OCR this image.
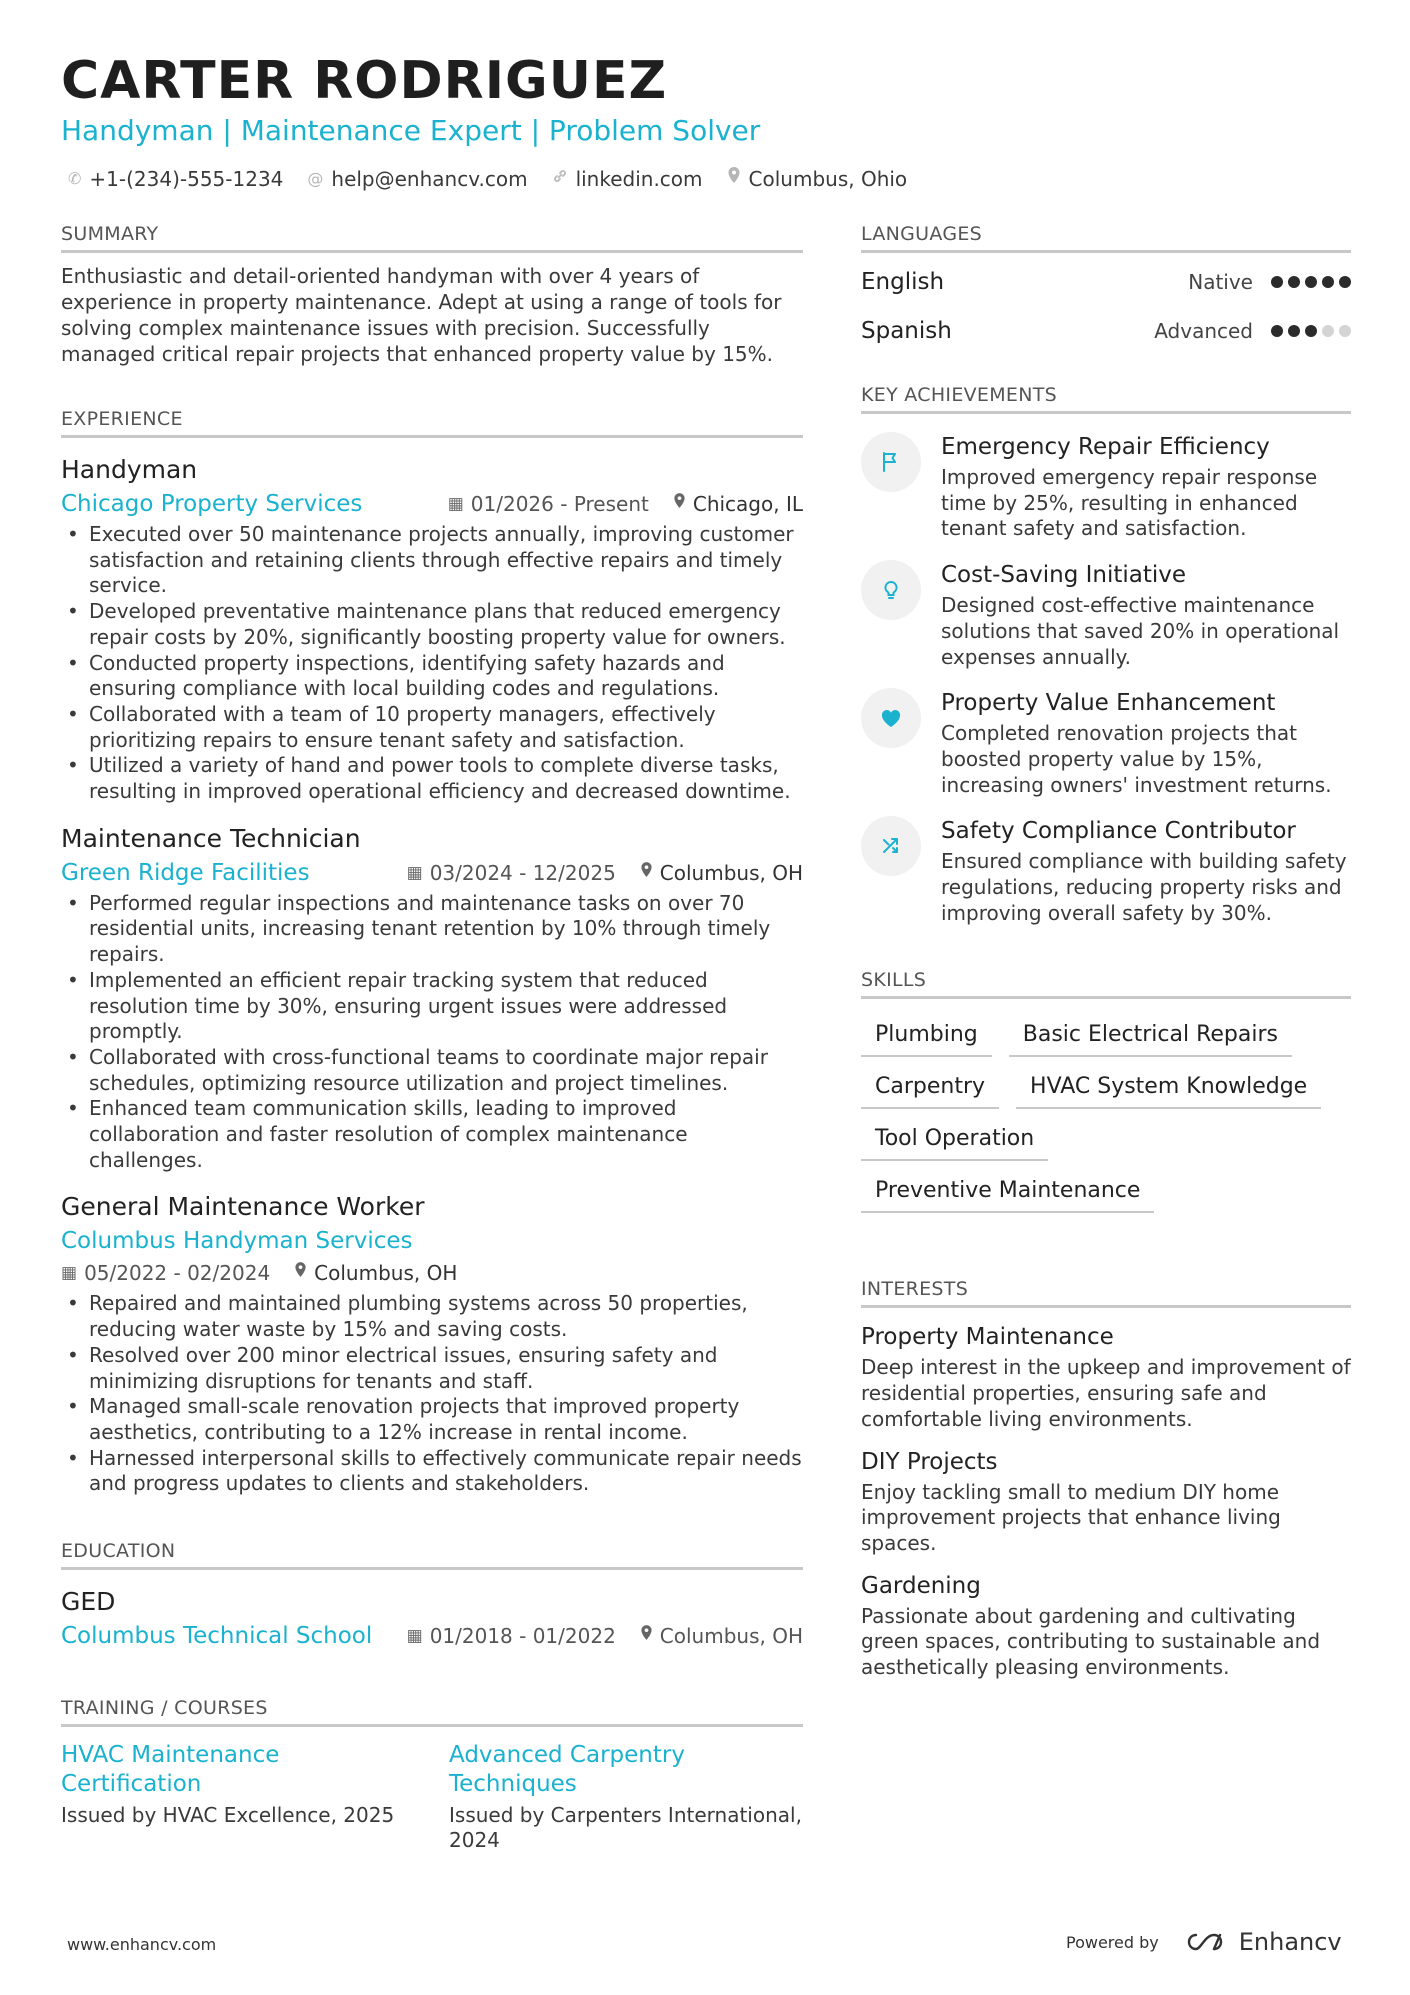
CARTER RODRIGUEZ
Handyman | Maintenance Expert | Problem Solver
✆ +1-(234)-555-1234 @ help@enhancv.com linkedin.com Columbus, Ohio
SUMMARY

Enthusiastic and detail-oriented handyman with over 4 years of experience in property maintenance. Adept at using a range of tools for solving complex maintenance issues with precision. Successfully managed critical repair projects that enhanced property value by 15%.

EXPERIENCE
Handyman
Chicago Property Services	▦ 01/2026 - Present Chicago, IL
• Executed over 50 maintenance projects annually, improving customer satisfaction and retaining clients through effective repairs and timely service.
• Developed preventative maintenance plans that reduced emergency repair costs by 20%, significantly boosting property value for owners.
• Conducted property inspections, identifying safety hazards and ensuring compliance with local building codes and regulations.
• Collaborated with a team of 10 property managers, effectively prioritizing repairs to ensure tenant safety and satisfaction.
• Utilized a variety of hand and power tools to complete diverse tasks, resulting in improved operational efficiency and decreased downtime.
Maintenance Technician
Green Ridge Facilities	▦ 03/2024 - 12/2025 Columbus, OH
• Performed regular inspections and maintenance tasks on over 70 residential units, increasing tenant retention by 10% through timely repairs.
• Implemented an efficient repair tracking system that reduced resolution time by 30%, ensuring urgent issues were addressed promptly.
• Collaborated with cross-functional teams to coordinate major repair schedules, optimizing resource utilization and project timelines.
• Enhanced team communication skills, leading to improved collaboration and faster resolution of complex maintenance challenges.
General Maintenance Worker
Columbus Handyman Services
▦ 05/2022 - 02/2024 Columbus, OH
• Repaired and maintained plumbing systems across 50 properties, reducing water waste by 15% and saving costs.
• Resolved over 200 minor electrical issues, ensuring safety and minimizing disruptions for tenants and staff.
• Managed small-scale renovation projects that improved property aesthetics, contributing to a 12% increase in rental income.
• Harnessed interpersonal skills to effectively communicate repair needs and progress updates to clients and stakeholders.
EDUCATION
GED
Columbus Technical School ▦ 01/2018 - 01/2022 Columbus, OH
TRAINING / COURSES
HVAC Maintenance Certification
Issued by HVAC Excellence, 2025
Advanced Carpentry Techniques
Issued by Carpenters International, 2024
LANGUAGES
English	Native
Spanish	Advanced
KEY ACHIEVEMENTS
Emergency Repair Efficiency
Improved emergency repair response time by 25%, resulting in enhanced tenant safety and satisfaction.
Cost-Saving Initiative
Designed cost-effective maintenance solutions that saved 20% in operational expenses annually.
Property Value Enhancement
Completed renovation projects that boosted property value by 15%, increasing owners' investment returns.
Safety Compliance Contributor
Ensured compliance with building safety regulations, reducing property risks and improving overall safety by 30%.
SKILLS
Plumbing	Basic Electrical Repairs
Carpentry	HVAC System Knowledge
Tool Operation
Preventive Maintenance
INTERESTS
Property Maintenance
Deep interest in the upkeep and improvement of residential properties, ensuring safe and comfortable living environments.
DIY Projects
Enjoy tackling small to medium DIY home improvement projects that enhance living spaces.
Gardening
Passionate about gardening and cultivating green spaces, contributing to sustainable and aesthetically pleasing environments.
www.enhancv.com	Powered by	Enhancv
